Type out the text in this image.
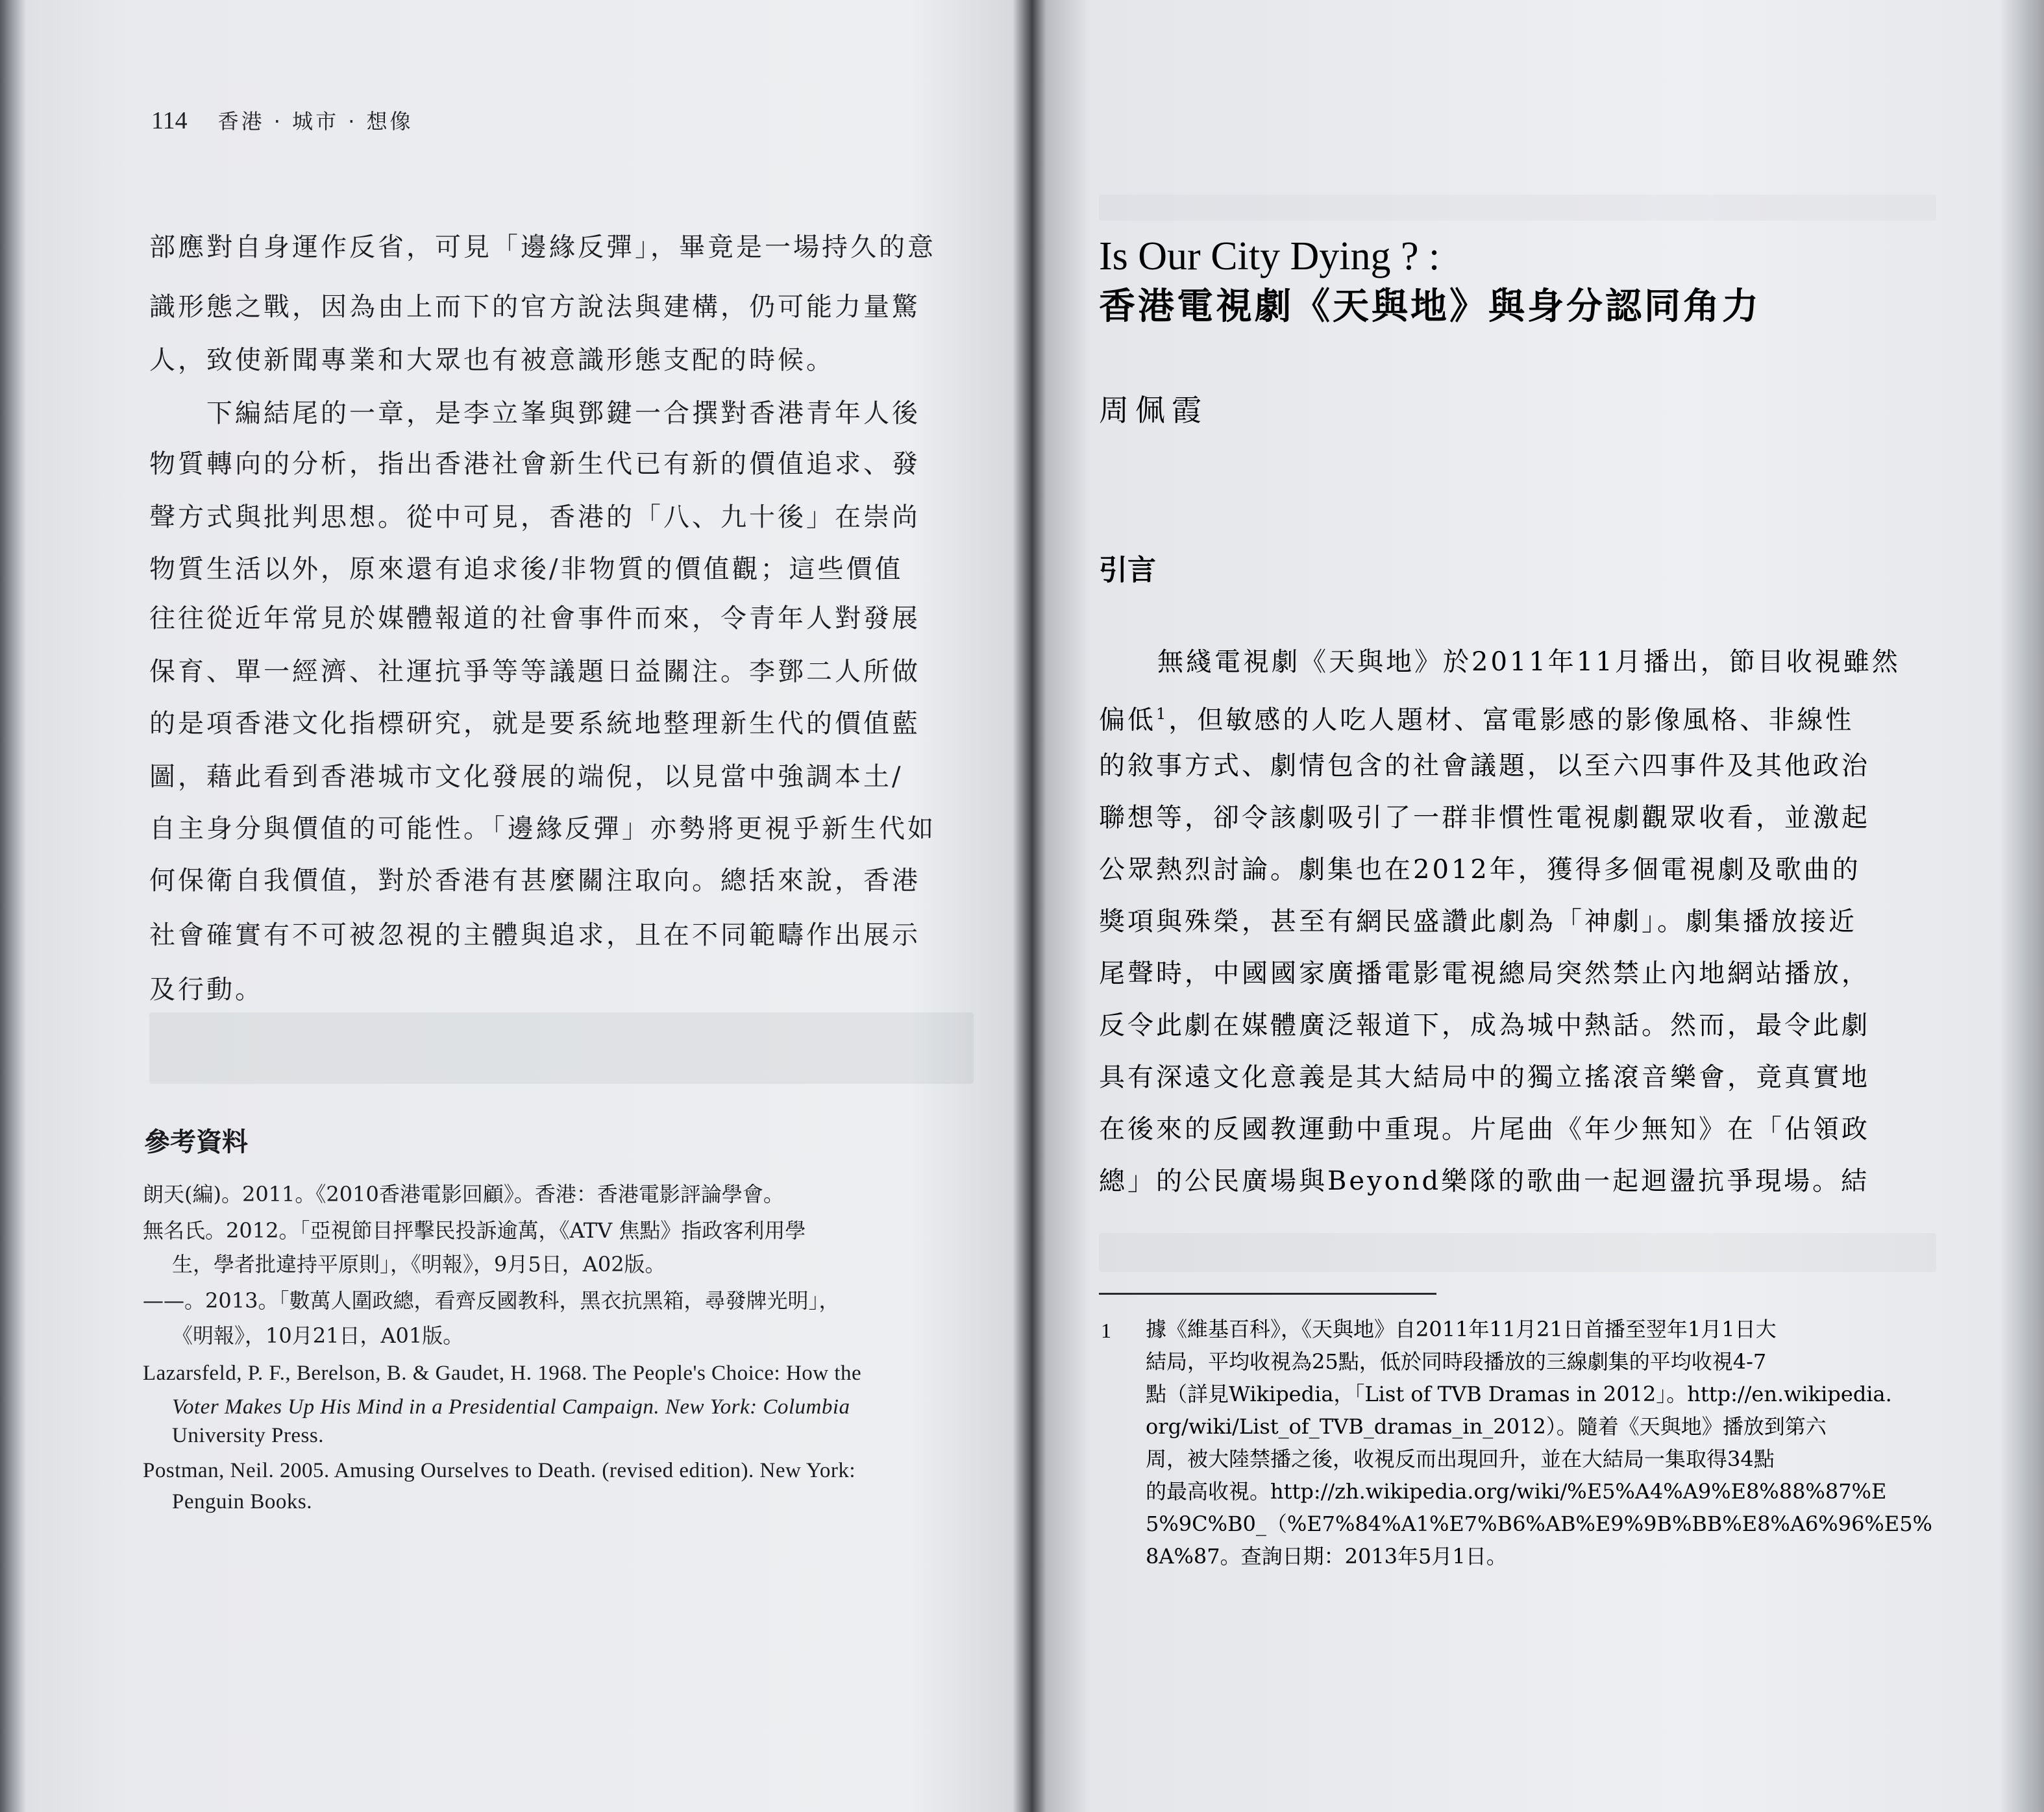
114 香港 · 城市 · 想像
部應對自身運作反省，可見「邊緣反彈」，畢竟是一場持久的意
識形態之戰，因為由上而下的官方說法與建構，仍可能力量驚
人，致使新聞專業和大眾也有被意識形態支配的時候。
下編結尾的一章，是李立峯與鄧鍵一合撰對香港青年人後
物質轉向的分析，指出香港社會新生代已有新的價值追求、發
聲方式與批判思想。從中可見，香港的「八、九十後」在崇尚
物質生活以外，原來還有追求後/非物質的價值觀；這些價值
往往從近年常見於媒體報道的社會事件而來，令青年人對發展
保育、單一經濟、社運抗爭等等議題日益關注。李鄧二人所做
的是項香港文化指標研究，就是要系統地整理新生代的價值藍
圖，藉此看到香港城市文化發展的端倪，以見當中強調本土/
自主身分與價值的可能性。「邊緣反彈」亦勢將更視乎新生代如
何保衛自我價值，對於香港有甚麼關注取向。總括來說，香港
社會確實有不可被忽視的主體與追求，且在不同範疇作出展示
及行動。
參考資料
朗天(編)。2011。《2010香港電影回顧》。香港：香港電影評論學會。
無名氏。2012。「亞視節目抨擊民投訴逾萬，《ATV 焦點》指政客利用學
生，學者批違持平原則」，《明報》，9月5日，A02版。
——。2013。「數萬人圍政總，看齊反國教科，黑衣抗黑箱，尋發牌光明」，
《明報》，10月21日，A01版。
Lazarsfeld, P. F., Berelson, B. & Gaudet, H. 1968. The People's Choice: How the
Voter Makes Up His Mind in a Presidential Campaign. New York: Columbia
University Press.
Postman, Neil. 2005. Amusing Ourselves to Death. (revised edition). New York:
Penguin Books.
Is Our City Dying ? :
香港電視劇《天與地》與身分認同角力
周佩霞
引言
無綫電視劇《天與地》於2011年11月播出，節目收視雖然
偏低$^1$，但敏感的人吃人題材、富電影感的影像風格、非線性
的敘事方式、劇情包含的社會議題，以至六四事件及其他政治
聯想等，卻令該劇吸引了一群非慣性電視劇觀眾收看，並激起
公眾熱烈討論。劇集也在2012年，獲得多個電視劇及歌曲的
獎項與殊榮，甚至有網民盛讚此劇為「神劇」。劇集播放接近
尾聲時，中國國家廣播電影電視總局突然禁止內地網站播放，
反令此劇在媒體廣泛報道下，成為城中熱話。然而，最令此劇
具有深遠文化意義是其大結局中的獨立搖滾音樂會，竟真實地
在後來的反國教運動中重現。片尾曲《年少無知》在「佔領政
總」的公民廣場與Beyond樂隊的歌曲一起迴盪抗爭現場。結
1 據《維基百科》，《天與地》自2011年11月21日首播至翌年1月1日大
結局，平均收視為25點，低於同時段播放的三線劇集的平均收視4-7
點（詳見Wikipedia，「List of TVB Dramas in 2012」。http://en.wikipedia.
org/wiki/List_of_TVB_dramas_in_2012）。隨着《天與地》播放到第六
周，被大陸禁播之後，收視反而出現回升，並在大結局一集取得34點
的最高收視。http://zh.wikipedia.org/wiki/%E5%A4%A9%E8%88%87%E
5%9C%B0_（%E7%84%A1%E7%B6%AB%E9%9B%BB%E8%A6%96%E5%
8A%87。查詢日期：2013年5月1日。
